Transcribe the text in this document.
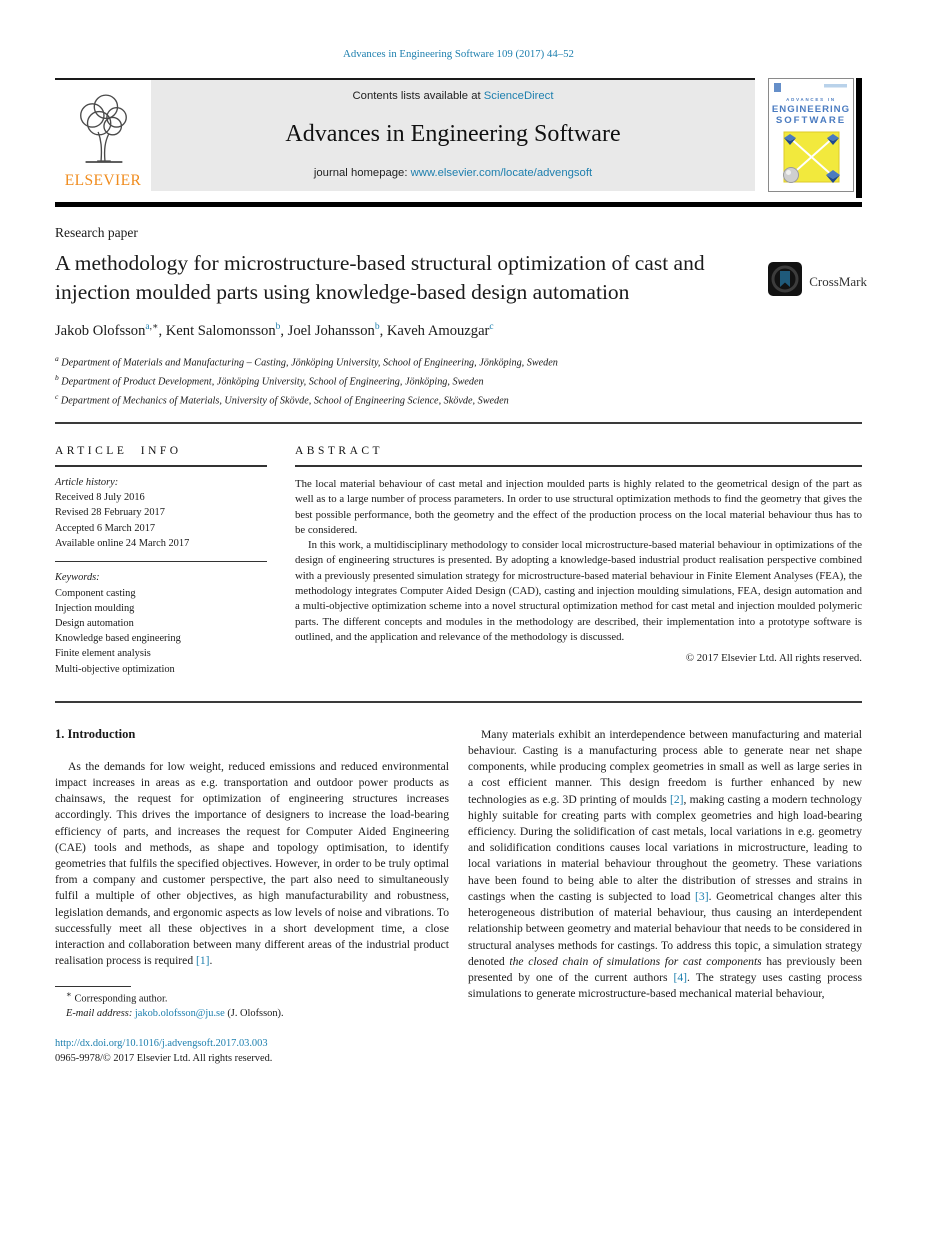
Advances in Engineering Software 109 (2017) 44–52
ELSEVIER
Contents lists available at ScienceDirect
Advances in Engineering Software
journal homepage: www.elsevier.com/locate/advengsoft
ADVANCES IN
ENGINEERING
SOFTWARE
Research paper
A methodology for microstructure-based structural optimization of cast and injection moulded parts using knowledge-based design automation	CrossMark
Jakob Olofsson$^{a,∗}$, Kent Salomonsson$^b$, Joel Johansson$^b$, Kaveh Amouzgar$^c$
$^a$ Department of Materials and Manufacturing – Casting, Jönköping University, School of Engineering, Jönköping, Sweden
$^b$ Department of Product Development, Jönköping University, School of Engineering, Jönköping, Sweden
$^c$ Department of Mechanics of Materials, University of Skövde, School of Engineering Science, Skövde, Sweden
ARTICLE INFO
Article history:
Received 8 July 2016
Revised 28 February 2017
Accepted 6 March 2017
Available online 24 March 2017
Keywords:
Component casting
Injection moulding
Design automation
Knowledge based engineering
Finite element analysis
Multi-objective optimization
ABSTRACT

The local material behaviour of cast metal and injection moulded parts is highly related to the geometrical design of the part as well as to a large number of process parameters. In order to use structural optimization methods to find the geometry that gives the best possible performance, both the geometry and the effect of the production process on the local material behaviour thus has to be considered.

In this work, a multidisciplinary methodology to consider local microstructure-based material behaviour in optimizations of the design of engineering structures is presented. By adopting a knowledge-based industrial product realisation perspective combined with a previously presented simulation strategy for microstructure-based material behaviour in Finite Element Analyses (FEA), the methodology integrates Computer Aided Design (CAD), casting and injection moulding simulations, FEA, design automation and a multi-objective optimization scheme into a novel structural optimization method for cast metal and injection moulded polymeric parts. The different concepts and modules in the methodology are described, their implementation into a prototype software is outlined, and the application and relevance of the methodology is discussed.

© 2017 Elsevier Ltd. All rights reserved.
1. Introduction

As the demands for low weight, reduced emissions and reduced environmental impact increases in areas as e.g. transportation and outdoor power products as chainsaws, the request for optimization of engineering structures increases accordingly. This drives the importance of designers to increase the load-bearing efficiency of parts, and increases the request for Computer Aided Engineering (CAE) tools and methods, as shape and topology optimisation, to identify geometries that fulfils the specified objectives. However, in order to be truly optimal from a company and customer perspective, the part also need to simultaneously fulfil a multiple of other objectives, as high manufacturability and robustness, legislation demands, and ergonomic aspects as low levels of noise and vibrations. To successfully meet all these objectives in a short development time, a close interaction and collaboration between many different areas of the industrial product realisation process is required [1].

∗ Corresponding author.
E-mail address: jakob.olofsson@ju.se (J. Olofsson).

Many materials exhibit an interdependence between manufacturing and material behaviour. Casting is a manufacturing process able to generate near net shape components, while producing complex geometries in small as well as large series in a cost efficient manner. This design freedom is further enhanced by new technologies as e.g. 3D printing of moulds [2], making casting a modern technology highly suitable for creating parts with complex geometries and high load-bearing efficiency. During the solidification of cast metals, local variations in e.g. geometry and solidification conditions causes local variations in microstructure, leading to local variations in material behaviour throughout the geometry. These variations have been found to being able to alter the distribution of stresses and strains in castings when the casting is subjected to load [3]. Geometrical changes alter this heterogeneous distribution of material behaviour, thus causing an interdependent relationship between geometry and material behaviour that needs to be considered in structural analyses methods for castings. To address this topic, a simulation strategy denoted the closed chain of simulations for cast components has previously been presented by one of the current authors [4]. The strategy uses casting process simulations to generate microstructure-based mechanical material behaviour,

http://dx.doi.org/10.1016/j.advengsoft.2017.03.003
0965-9978/© 2017 Elsevier Ltd. All rights reserved.
